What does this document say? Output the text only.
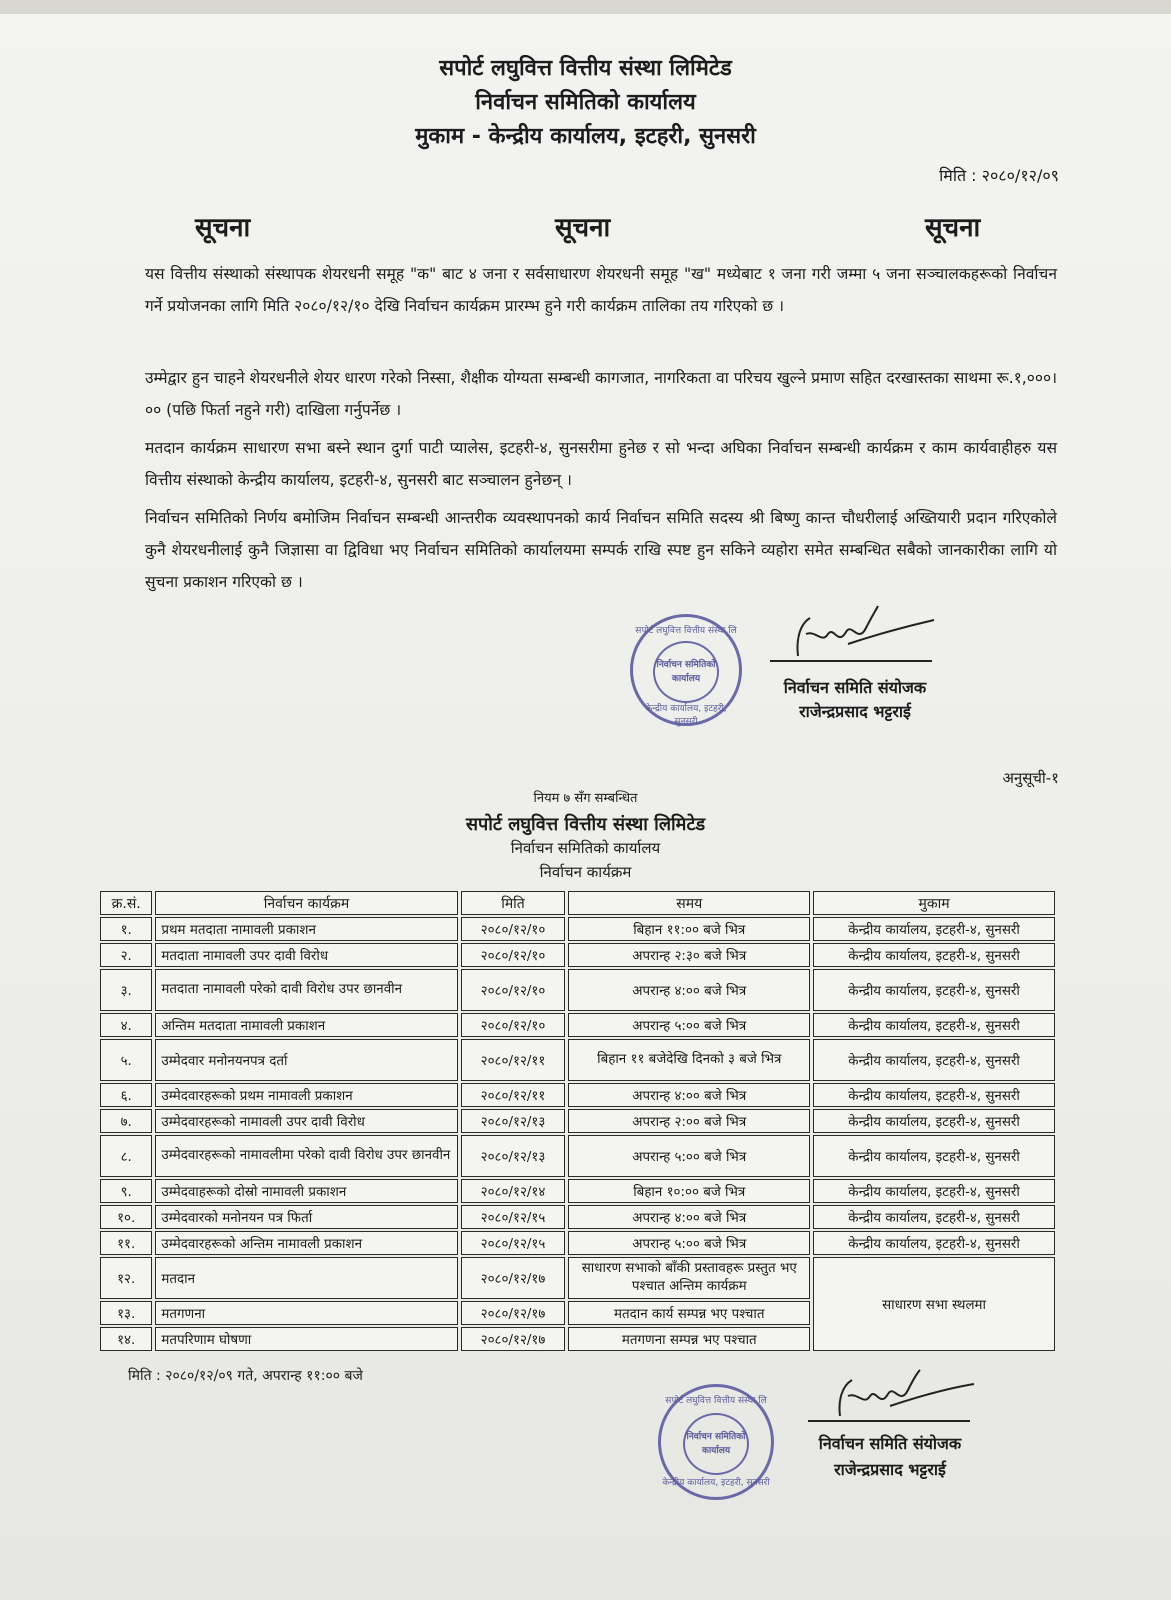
सपोर्ट लघुवित्त वित्तीय संस्था लिमिटेड
निर्वाचन समितिको कार्यालय
मुकाम - केन्द्रीय कार्यालय, इटहरी, सुनसरी
मिति : २०८०/१२/०९
सूचना	सूचना	सूचना
यस वित्तीय संस्थाको संस्थापक शेयरधनी समूह "क" बाट ४ जना र सर्वसाधारण शेयरधनी समूह "ख" मध्येबाट १ जना गरी जम्मा ५ जना सञ्चालकहरूको निर्वाचन गर्ने प्रयोजनका लागि मिति २०८०/१२/१० देखि निर्वाचन कार्यक्रम प्रारम्भ हुने गरी कार्यक्रम तालिका तय गरिएको छ ।
उम्मेद्वार हुन चाहने शेयरधनीले शेयर धारण गरेको निस्सा, शैक्षीक योग्यता सम्बन्धी कागजात, नागरिकता वा परिचय खुल्ने प्रमाण सहित दरखास्तका साथमा रू.१,०००।०० (पछि फिर्ता नहुने गरी) दाखिला गर्नुपर्नेछ ।
मतदान कार्यक्रम साधारण सभा बस्ने स्थान दुर्गा पाटी प्यालेस, इटहरी-४, सुनसरीमा हुनेछ र सो भन्दा अघिका निर्वाचन सम्बन्धी कार्यक्रम र काम कार्यवाहीहरु यस वित्तीय संस्थाको केन्द्रीय कार्यालय, इटहरी-४, सुनसरी बाट सञ्चालन हुनेछन् ।
निर्वाचन समितिको निर्णय बमोजिम निर्वाचन सम्बन्धी आन्तरीक व्यवस्थापनको कार्य निर्वाचन समिति सदस्य श्री बिष्णु कान्त चौधरीलाई अख्तियारी प्रदान गरिएकोले कुनै शेयरधनीलाई कुनै जिज्ञासा वा द्विविधा भए निर्वाचन समितिको कार्यालयमा सम्पर्क राखि स्पष्ट हुन सकिने व्यहोरा समेत सम्बन्धित सबैको जानकारीका लागि यो सुचना प्रकाशन गरिएको छ ।
सपोर्ट लघुवित्त वित्तीय संस्था लि
निर्वाचन समितिको
कार्यालय
केन्द्रीय कार्यालय, इटहरी, सुनसरी
निर्वाचन समिति संयोजक
राजेन्द्रप्रसाद भट्टराई
अनुसूची-१
नियम ७ सँग सम्बन्धित
सपोर्ट लघुवित्त वित्तीय संस्था लिमिटेड
निर्वाचन समितिको कार्यालय
निर्वाचन कार्यक्रम
क्र.सं.	निर्वाचन कार्यक्रम	मिति	समय	मुकाम
१.	प्रथम मतदाता नामावली प्रकाशन	२०८०/१२/१०	बिहान ११:०० बजे भित्र	केन्द्रीय कार्यालय, इटहरी-४, सुनसरी
२.	मतदाता नामावली उपर दावी विरोध	२०८०/१२/१०	अपरान्ह २:३० बजे भित्र	केन्द्रीय कार्यालय, इटहरी-४, सुनसरी
३.	मतदाता नामावली परेको दावी विरोध उपर छानवीन	२०८०/१२/१०	अपरान्ह ४:०० बजे भित्र	केन्द्रीय कार्यालय, इटहरी-४, सुनसरी
४.	अन्तिम मतदाता नामावली प्रकाशन	२०८०/१२/१०	अपरान्ह ५:०० बजे भित्र	केन्द्रीय कार्यालय, इटहरी-४, सुनसरी
५.	उम्मेदवार मनोनयनपत्र दर्ता	२०८०/१२/११	बिहान ११ बजेदेखि दिनको ३ बजे भित्र	केन्द्रीय कार्यालय, इटहरी-४, सुनसरी
६.	उम्मेदवारहरूको प्रथम नामावली प्रकाशन	२०८०/१२/११	अपरान्ह ४:०० बजे भित्र	केन्द्रीय कार्यालय, इटहरी-४, सुनसरी
७.	उम्मेदवारहरूको नामावली उपर दावी विरोध	२०८०/१२/१३	अपरान्ह २:०० बजे भित्र	केन्द्रीय कार्यालय, इटहरी-४, सुनसरी
८.	उम्मेदवारहरूको नामावलीमा परेको दावी विरोध उपर छानवीन	२०८०/१२/१३	अपरान्ह ५:०० बजे भित्र	केन्द्रीय कार्यालय, इटहरी-४, सुनसरी
९.	उम्मेदवाहरूको दोस्रो नामावली प्रकाशन	२०८०/१२/१४	बिहान १०:०० बजे भित्र	केन्द्रीय कार्यालय, इटहरी-४, सुनसरी
१०.	उम्मेदवारको मनोनयन पत्र फिर्ता	२०८०/१२/१५	अपरान्ह ४:०० बजे भित्र	केन्द्रीय कार्यालय, इटहरी-४, सुनसरी
११.	उम्मेदवारहरूको अन्तिम नामावली प्रकाशन	२०८०/१२/१५	अपरान्ह ५:०० बजे भित्र	केन्द्रीय कार्यालय, इटहरी-४, सुनसरी
१२.	मतदान	२०८०/१२/१७	साधारण सभाको बाँकी प्रस्तावहरू प्रस्तुत भए पश्चात अन्तिम कार्यक्रम	साधारण सभा स्थलमा
१३.	मतगणना	२०८०/१२/१७	मतदान कार्य सम्पन्न भए पश्चात	
१४.	मतपरिणाम घोषणा	२०८०/१२/१७	मतगणना सम्पन्न भए पश्चात	
मिति : २०८०/१२/०९ गते, अपरान्ह ११:०० बजे
सपोर्ट लघुवित्त वित्तीय संस्था लि
निर्वाचन समितिको
कार्यालय
केन्द्रीय कार्यालय, इटहरी, सुनसरी
निर्वाचन समिति संयोजक
राजेन्द्रप्रसाद भट्टराई
